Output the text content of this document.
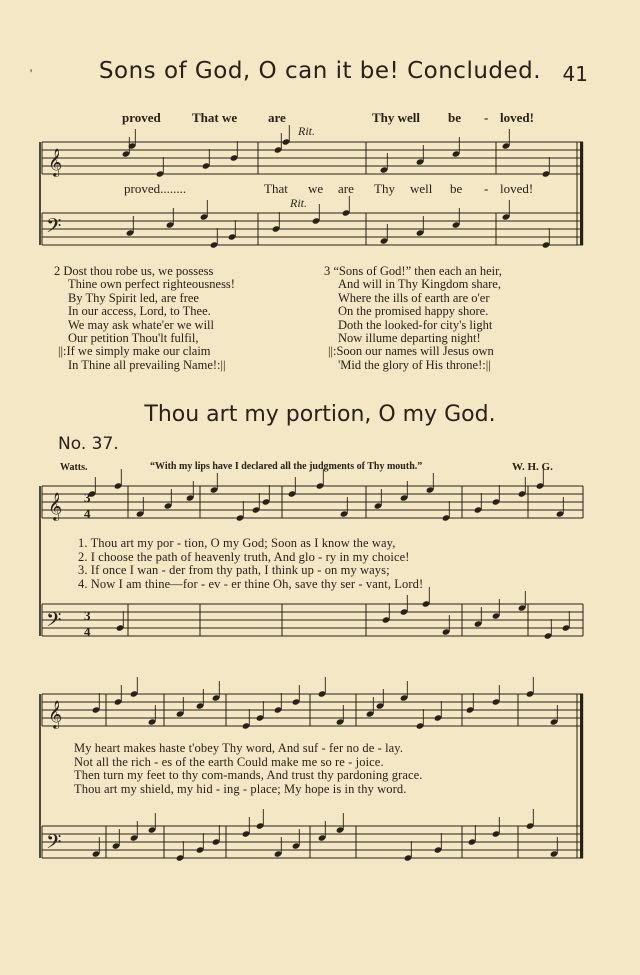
'	Sons of God, O can it be! Concluded.	41
proved That we are	Thy well be - loved!
Rit.
Rit.
proved........	That we are Thy well be - loved!
2 Dost thou robe us, we possess
Thine own perfect righteousness!
By Thy Spirit led, are free
In our access, Lord, to Thee.
We may ask whate'er we will
Our petition Thou'lt fulfil,
||:If we simply make our claim
In Thine all prevailing Name!:||
3 “Sons of God!” then each an heir,
And will in Thy Kingdom share,
Where the ills of earth are o'er
On the promised happy shore.
Doth the looked-for city's light
Now illume departing night!
||:Soon our names will Jesus own
'Mid the glory of His throne!:||
Thou art my portion, O my God.
No. 37.
Watts.	“With my lips have I declared all the judgments of Thy mouth.”	W. H. G.
1. Thou art my por - tion, O my God; Soon as I know the way,
2. I choose the path of heavenly truth, And glo - ry in my choice!
3. If once I wan - der from thy path, I think up - on my ways;
4. Now I am thine—for - ev - er thine Oh, save thy ser - vant, Lord!
My heart makes haste t'obey Thy word, And suf - fer no de - lay.
Not all the rich - es of the earth Could make me so re - joice.
Then turn my feet to thy com-mands, And trust thy pardoning grace.
Thou art my shield, my hid - ing - place; My hope is in thy word.
𝄞
𝄢
𝄞
𝄢
3
4
3
4
𝄞
𝄢
